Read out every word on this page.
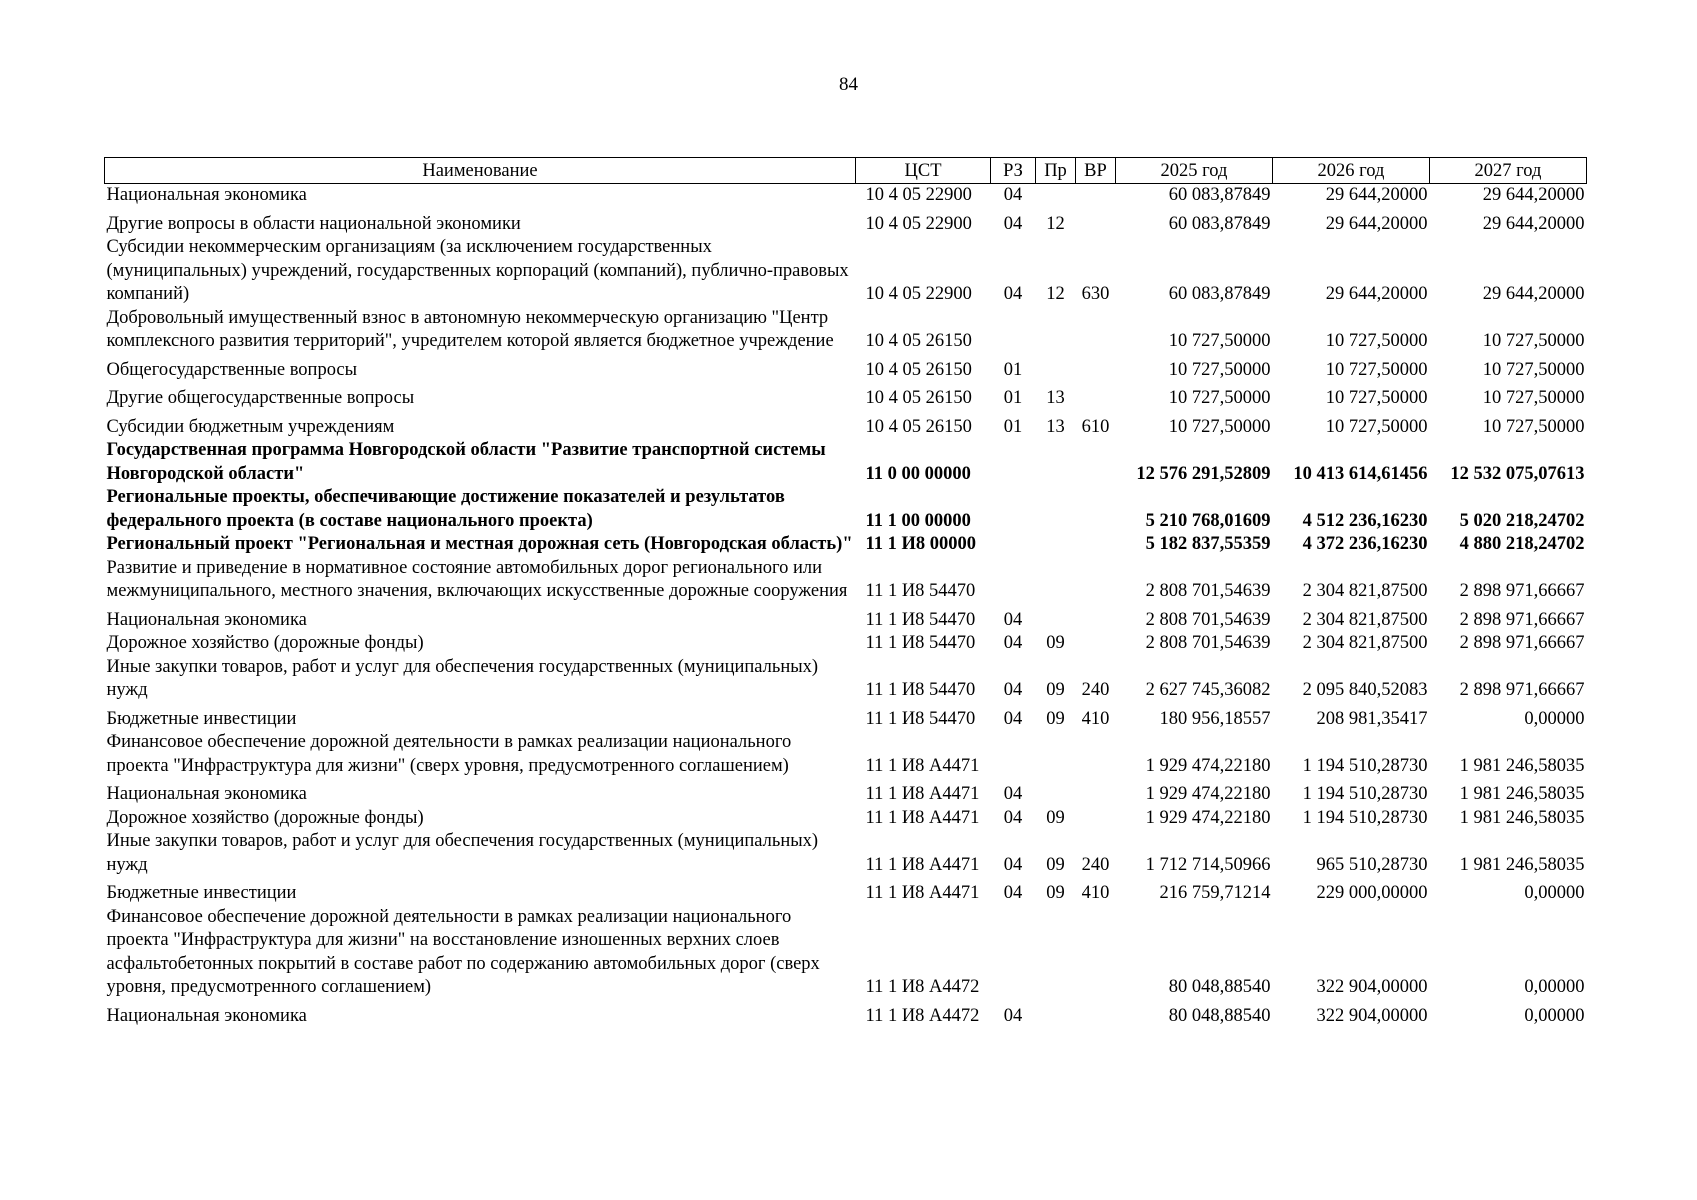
84
Наименование	ЦСТ	РЗ	Пр	ВР	2025 год	2026 год	2027 год
Национальная экономика	10 4 05 22900	04			60 083,87849	29 644,20000	29 644,20000
Другие вопросы в области национальной экономики	10 4 05 22900	04	12		60 083,87849	29 644,20000	29 644,20000
Субсидии некоммерческим организациям (за исключением государственных (муниципальных) учреждений, государственных корпораций (компаний), публично-правовых компаний)	10 4 05 22900	04	12	630	60 083,87849	29 644,20000	29 644,20000
Добровольный имущественный взнос в автономную некоммерческую организацию "Центр комплексного развития территорий", учредителем которой является бюджетное учреждение	10 4 05 26150				10 727,50000	10 727,50000	10 727,50000
Общегосударственные вопросы	10 4 05 26150	01			10 727,50000	10 727,50000	10 727,50000
Другие общегосударственные вопросы	10 4 05 26150	01	13		10 727,50000	10 727,50000	10 727,50000
Субсидии бюджетным учреждениям	10 4 05 26150	01	13	610	10 727,50000	10 727,50000	10 727,50000
Государственная программа Новгородской области "Развитие транспортной системы Новгородской области"	11 0 00 00000				12 576 291,52809	10 413 614,61456	12 532 075,07613
Региональные проекты, обеспечивающие достижение показателей и результатов федерального проекта (в составе национального проекта)	11 1 00 00000				5 210 768,01609	4 512 236,16230	5 020 218,24702
Региональный проект "Региональная и местная дорожная сеть (Новгородская область)"	11 1 И8 00000				5 182 837,55359	4 372 236,16230	4 880 218,24702
Развитие и приведение в нормативное состояние автомобильных дорог регионального или межмуниципального, местного значения, включающих искусственные дорожные сооружения	11 1 И8 54470				2 808 701,54639	2 304 821,87500	2 898 971,66667
Национальная экономика	11 1 И8 54470	04			2 808 701,54639	2 304 821,87500	2 898 971,66667
Дорожное хозяйство (дорожные фонды)	11 1 И8 54470	04	09		2 808 701,54639	2 304 821,87500	2 898 971,66667
Иные закупки товаров, работ и услуг для обеспечения государственных (муниципальных) нужд	11 1 И8 54470	04	09	240	2 627 745,36082	2 095 840,52083	2 898 971,66667
Бюджетные инвестиции	11 1 И8 54470	04	09	410	180 956,18557	208 981,35417	0,00000
Финансовое обеспечение дорожной деятельности в рамках реализации национального проекта "Инфраструктура для жизни" (сверх уровня, предусмотренного соглашением)	11 1 И8 А4471				1 929 474,22180	1 194 510,28730	1 981 246,58035
Национальная экономика	11 1 И8 А4471	04			1 929 474,22180	1 194 510,28730	1 981 246,58035
Дорожное хозяйство (дорожные фонды)	11 1 И8 А4471	04	09		1 929 474,22180	1 194 510,28730	1 981 246,58035
Иные закупки товаров, работ и услуг для обеспечения государственных (муниципальных) нужд	11 1 И8 А4471	04	09	240	1 712 714,50966	965 510,28730	1 981 246,58035
Бюджетные инвестиции	11 1 И8 А4471	04	09	410	216 759,71214	229 000,00000	0,00000
Финансовое обеспечение дорожной деятельности в рамках реализации национального проекта "Инфраструктура для жизни" на восстановление изношенных верхних слоев асфальтобетонных покрытий в составе работ по содержанию автомобильных дорог (сверх уровня, предусмотренного соглашением)	11 1 И8 А4472				80 048,88540	322 904,00000	0,00000
Национальная экономика	11 1 И8 А4472	04			80 048,88540	322 904,00000	0,00000
